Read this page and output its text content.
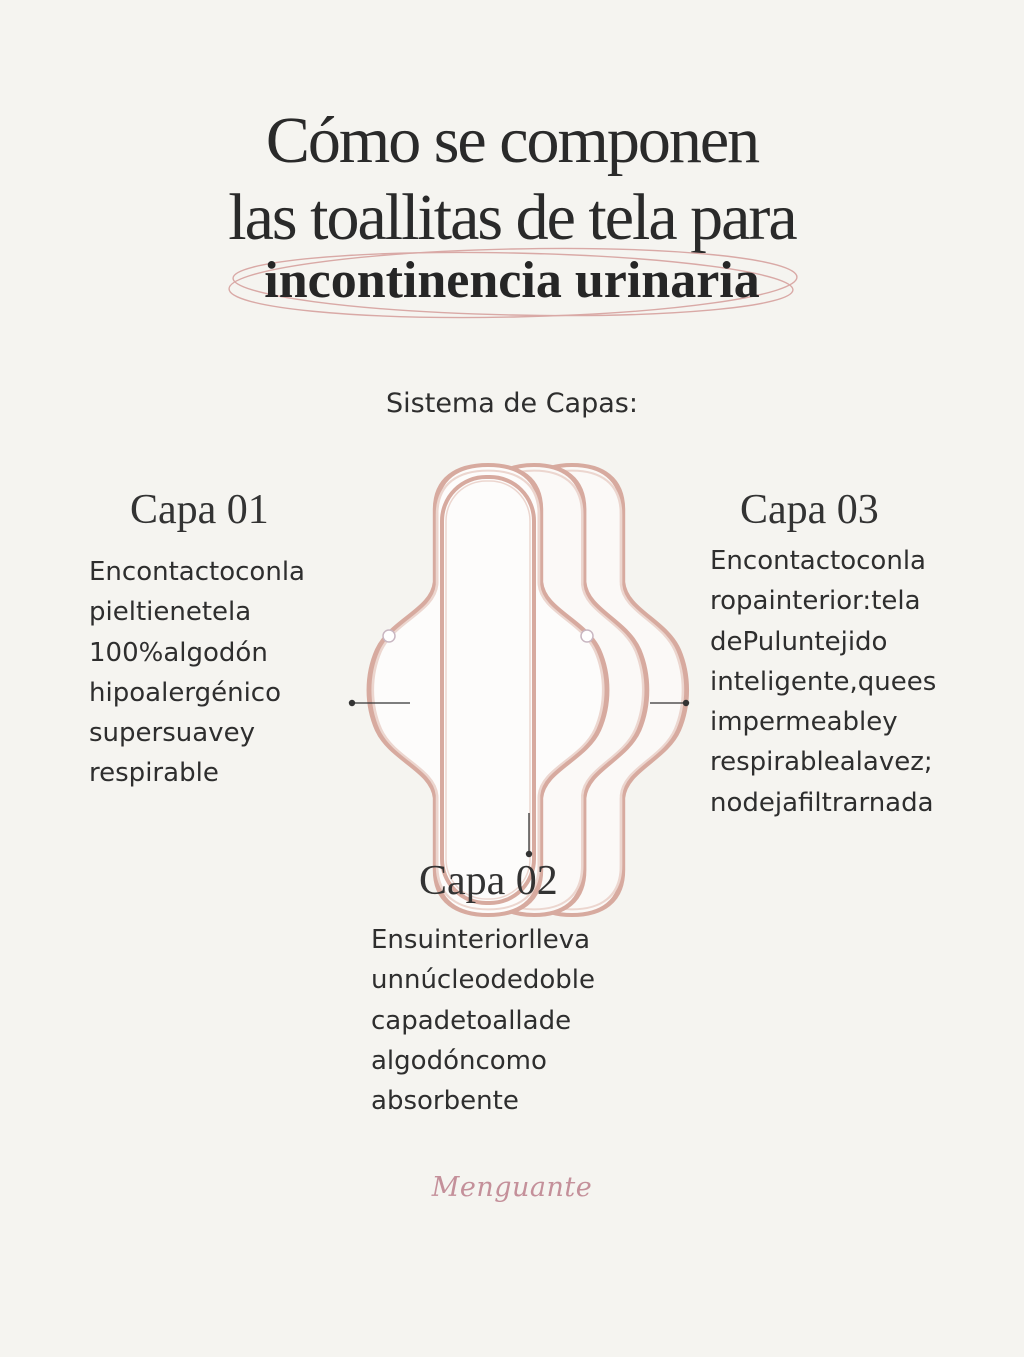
Cómo se componen
las toallitas de tela para
incontinencia urinaria
Sistema de Capas:
Capa 01
Encontactoconla
pieltienetela
100%algodón
hipoalergénico
supersuavey
respirable
Capa 03
Encontactoconla
ropainterior:tela
dePuluntejido
inteligente,quees
impermeabley
respirablealavez;
nodejafiltrarnada
Capa 02
Ensuinteriorlleva
unnúcleodedoble
capadetoallade
algodóncomo
absorbente
Menguante
